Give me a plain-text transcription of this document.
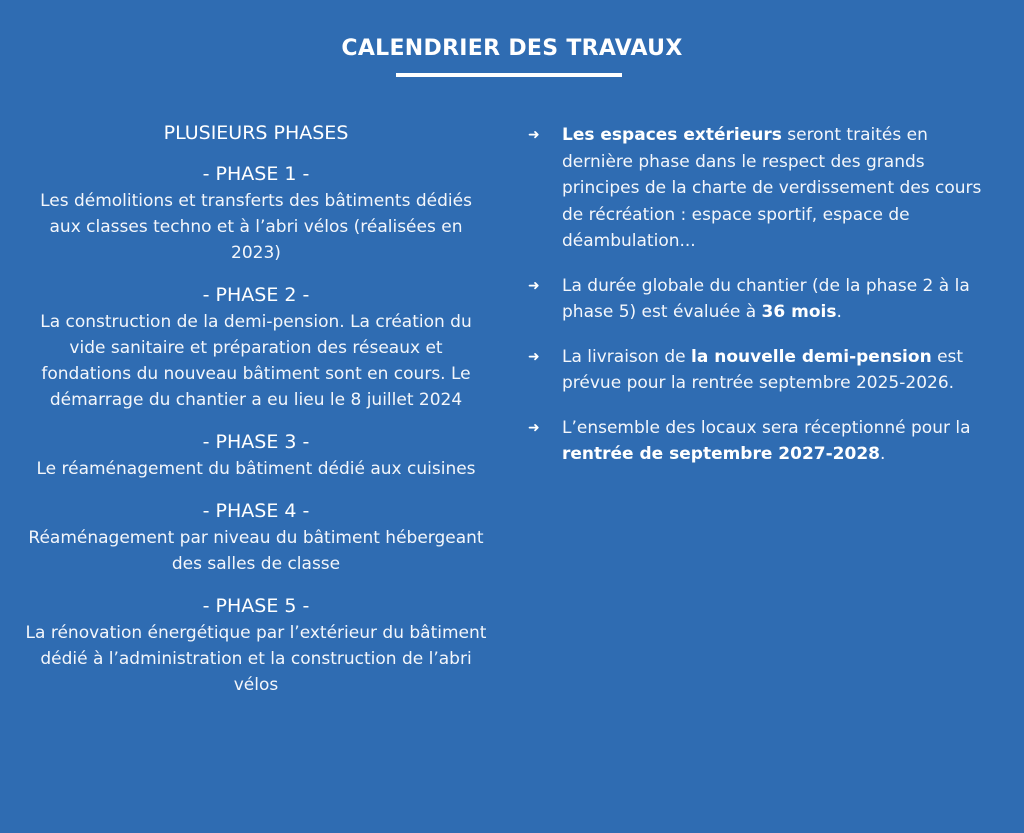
CALENDRIER DES TRAVAUX
PLUSIEURS PHASES
- PHASE 1 -
Les démolitions et transferts des bâtiments dédiés aux classes techno et à l’abri vélos (réalisées en 2023)
- PHASE 2 -
La construction de la demi-pension. La création du vide sanitaire et préparation des réseaux et fondations du nouveau bâtiment sont en cours. Le démarrage du chantier a eu lieu le 8 juillet 2024
- PHASE 3 -
Le réaménagement du bâtiment dédié aux cuisines
- PHASE 4 -
Réaménagement par niveau du bâtiment hébergeant des salles de classe
- PHASE 5 -
La rénovation énergétique par l’extérieur du bâtiment dédié à l’administration et la construction de l’abri vélos
➜ Les espaces extérieurs seront traités en dernière phase dans le respect des grands principes de la charte de verdissement des cours de récréation : espace sportif, espace de déambulation...
➜ La durée globale du chantier (de la phase 2 à la phase 5) est évaluée à 36 mois.
➜ La livraison de la nouvelle demi-pension est prévue pour la rentrée septembre 2025-2026.
➜ L’ensemble des locaux sera réceptionné pour la rentrée de septembre 2027-2028.
